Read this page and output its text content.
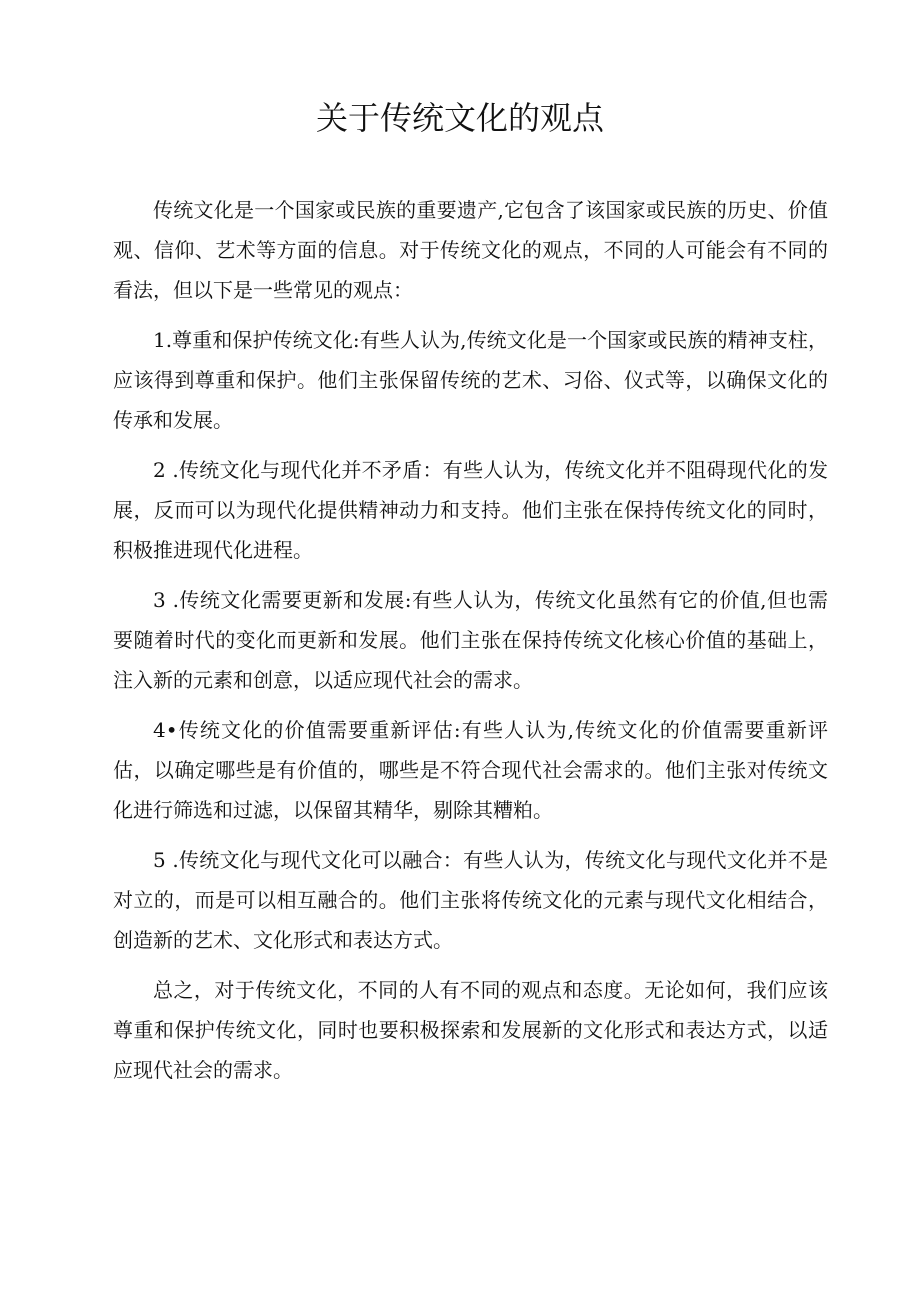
关于传统文化的观点

传统文化是一个国家或民族的重要遗产,它包含了该国家或民族的历史、价值观、信仰、艺术等方面的信息。对于传统文化的观点，不同的人可能会有不同的看法，但以下是一些常见的观点：

1.尊重和保护传统文化:有些人认为,传统文化是一个国家或民族的精神支柱，应该得到尊重和保护。他们主张保留传统的艺术、习俗、仪式等，以确保文化的传承和发展。

2 .传统文化与现代化并不矛盾：有些人认为，传统文化并不阻碍现代化的发展，反而可以为现代化提供精神动力和支持。他们主张在保持传统文化的同时，积极推进现代化进程。

3 .传统文化需要更新和发展:有些人认为，传统文化虽然有它的价值,但也需要随着时代的变化而更新和发展。他们主张在保持传统文化核心价值的基础上，注入新的元素和创意，以适应现代社会的需求。

4•传统文化的价值需要重新评估:有些人认为,传统文化的价值需要重新评估，以确定哪些是有价值的，哪些是不符合现代社会需求的。他们主张对传统文化进行筛选和过滤，以保留其精华，剔除其糟粕。

5 .传统文化与现代文化可以融合：有些人认为，传统文化与现代文化并不是对立的，而是可以相互融合的。他们主张将传统文化的元素与现代文化相结合，创造新的艺术、文化形式和表达方式。

总之，对于传统文化，不同的人有不同的观点和态度。无论如何，我们应该尊重和保护传统文化，同时也要积极探索和发展新的文化形式和表达方式，以适应现代社会的需求。
